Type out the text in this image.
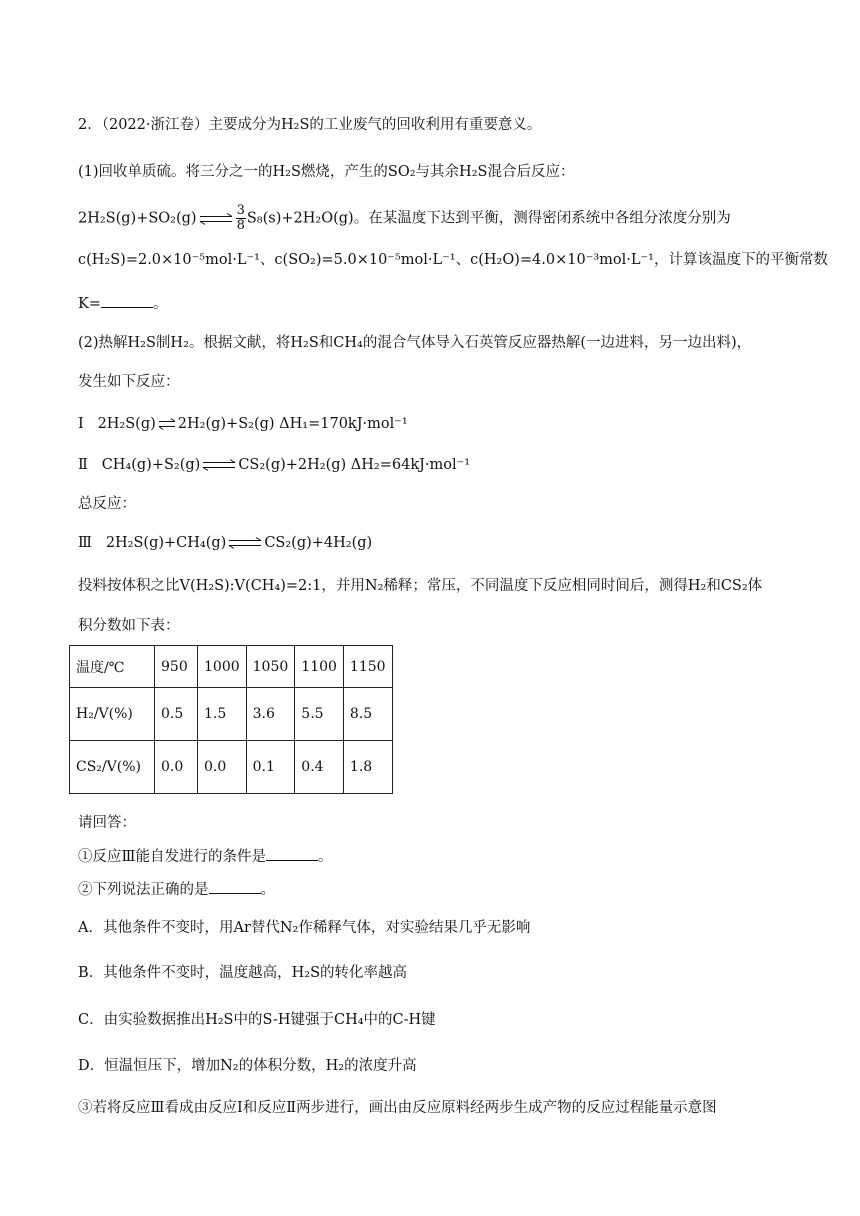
2．（2022·浙江卷）主要成分为H₂S的工业废气的回收利用有重要意义。
(1)回收单质硫。将三分之一的H₂S燃烧，产生的SO₂与其余H₂S混合后反应：
2H₂S(g)+SO₂(g) ⇌ $\frac{3}{8} S_8(s)+2H_2O(g)$。在某温度下达到平衡，测得密闭系统中各组分浓度分别为
c(H₂S)=2.0×10⁻⁵mol·L⁻¹、c(SO₂)=5.0×10⁻⁵mol·L⁻¹、c(H₂O)=4.0×10⁻³mol·L⁻¹，计算该温度下的平衡常数
K=	。
(2)热解H₂S制H₂。根据文献，将H₂S和CH₄的混合气体导入石英管反应器热解(一边进料，另一边出料)，
发生如下反应：
Ⅰ 2H₂S(g) ⇌ 2H₂(g)+S₂(g) ΔH₁=170kJ·mol⁻¹
Ⅱ CH₄(g)+S₂(g) ⇌ CS₂(g)+2H₂(g) ΔH₂=64kJ·mol⁻¹
总反应：
Ⅲ 2H₂S(g)+CH₄(g) ⇌ CS₂(g)+4H₂(g)
投料按体积之比V(H₂S):V(CH₄)=2:1，并用N₂稀释；常压，不同温度下反应相同时间后，测得H₂和CS₂体
积分数如下表：
温度/℃	950	1000	1050	1100	1150
H₂/V(%)	0.5	1.5	3.6	5.5	8.5
CS₂/V(%)	0.0	0.0	0.1	0.4	1.8
请回答：
①反应Ⅲ能自发进行的条件是	。
②下列说法正确的是	。
A．其他条件不变时，用Ar替代N₂作稀释气体，对实验结果几乎无影响
B．其他条件不变时，温度越高，H₂S的转化率越高
C．由实验数据推出H₂S中的S-H键强于CH₄中的C-H键
D．恒温恒压下，增加N₂的体积分数，H₂的浓度升高
③若将反应Ⅲ看成由反应Ⅰ和反应Ⅱ两步进行，画出由反应原料经两步生成产物的反应过程能量示意图
